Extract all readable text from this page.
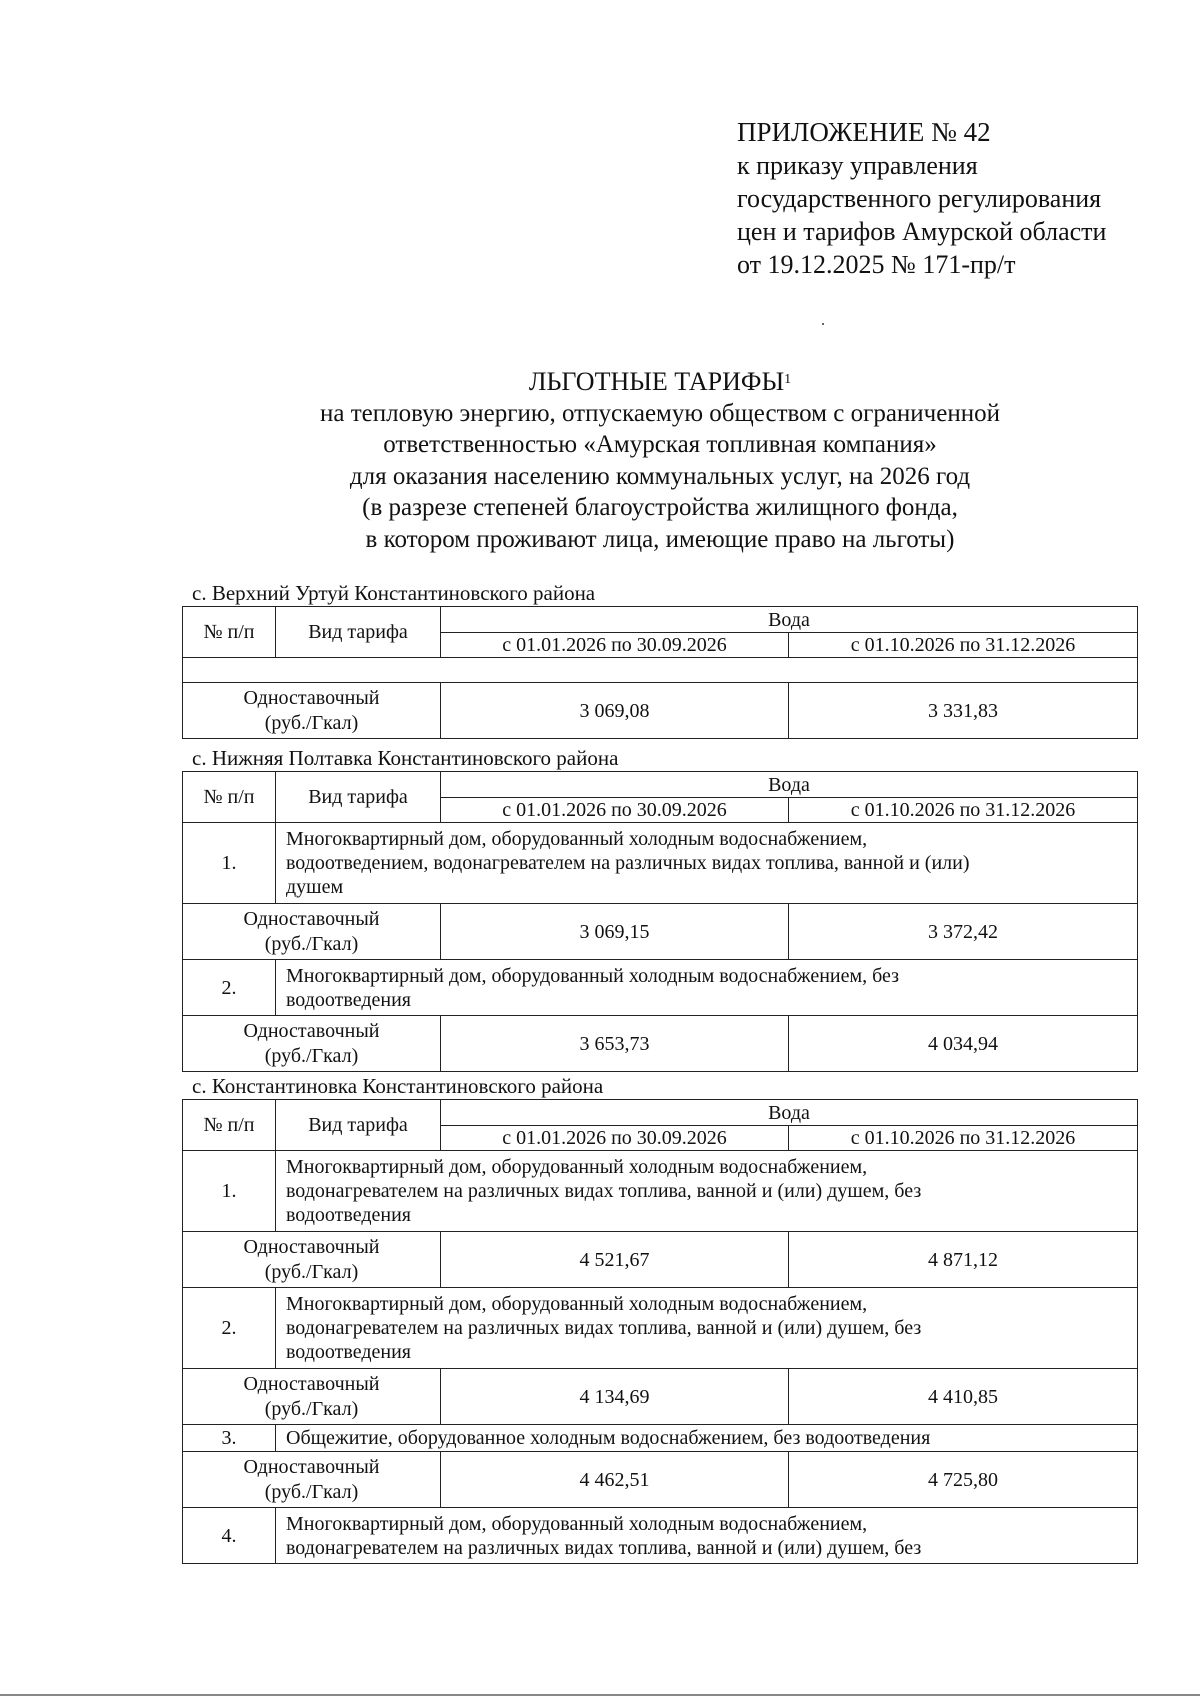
ПРИЛОЖЕНИЕ № 42
к приказу управления
государственного регулирования
цен и тарифов Амурской области
от 19.12.2025 № 171-пр/т
ЛЬГОТНЫЕ ТАРИФЫ$^1$
на тепловую энергию, отпускаемую обществом с ограниченной
ответственностью «Амурская топливная компания»
для оказания населению коммунальных услуг, на 2026 год
(в разрезе степеней благоустройства жилищного фонда,
в котором проживают лица, имеющие право на льготы)
с. Верхний Уртуй Константиновского района
№ п/п	Вид тарифа	Вода	
		с 01.01.2026 по 30.09.2026	с 01.10.2026 по 31.12.2026

Одноставочный
(руб./Гкал)		3 069,08	3 331,83
с. Нижняя Полтавка Константиновского района
№ п/п	Вид тарифа	Вода	
		с 01.01.2026 по 30.09.2026	с 01.10.2026 по 31.12.2026
1.	Многоквартирный дом, оборудованный холодным водоснабжением,
водоотведением, водонагревателем на различных видах топлива, ванной и (или)
душем		

Одноставочный
(руб./Гкал)		3 069,15	3 372,42
2.	Многоквартирный дом, оборудованный холодным водоснабжением, без
водоотведения		

Одноставочный
(руб./Гкал)		3 653,73	4 034,94
с. Константиновка Константиновского района
№ п/п	Вид тарифа	Вода	
		с 01.01.2026 по 30.09.2026	с 01.10.2026 по 31.12.2026
1.	Многоквартирный дом, оборудованный холодным водоснабжением,
водонагревателем на различных видах топлива, ванной и (или) душем, без
водоотведения		

Одноставочный
(руб./Гкал)		4 521,67	4 871,12
2.	Многоквартирный дом, оборудованный холодным водоснабжением,
водонагревателем на различных видах топлива, ванной и (или) душем, без
водоотведения		

Одноставочный
(руб./Гкал)		4 134,69	4 410,85
3.	Общежитие, оборудованное холодным водоснабжением, без водоотведения		

Одноставочный
(руб./Гкал)		4 462,51	4 725,80
4.	Многоквартирный дом, оборудованный холодным водоснабжением,
водонагревателем на различных видах топлива, ванной и (или) душем, без		
